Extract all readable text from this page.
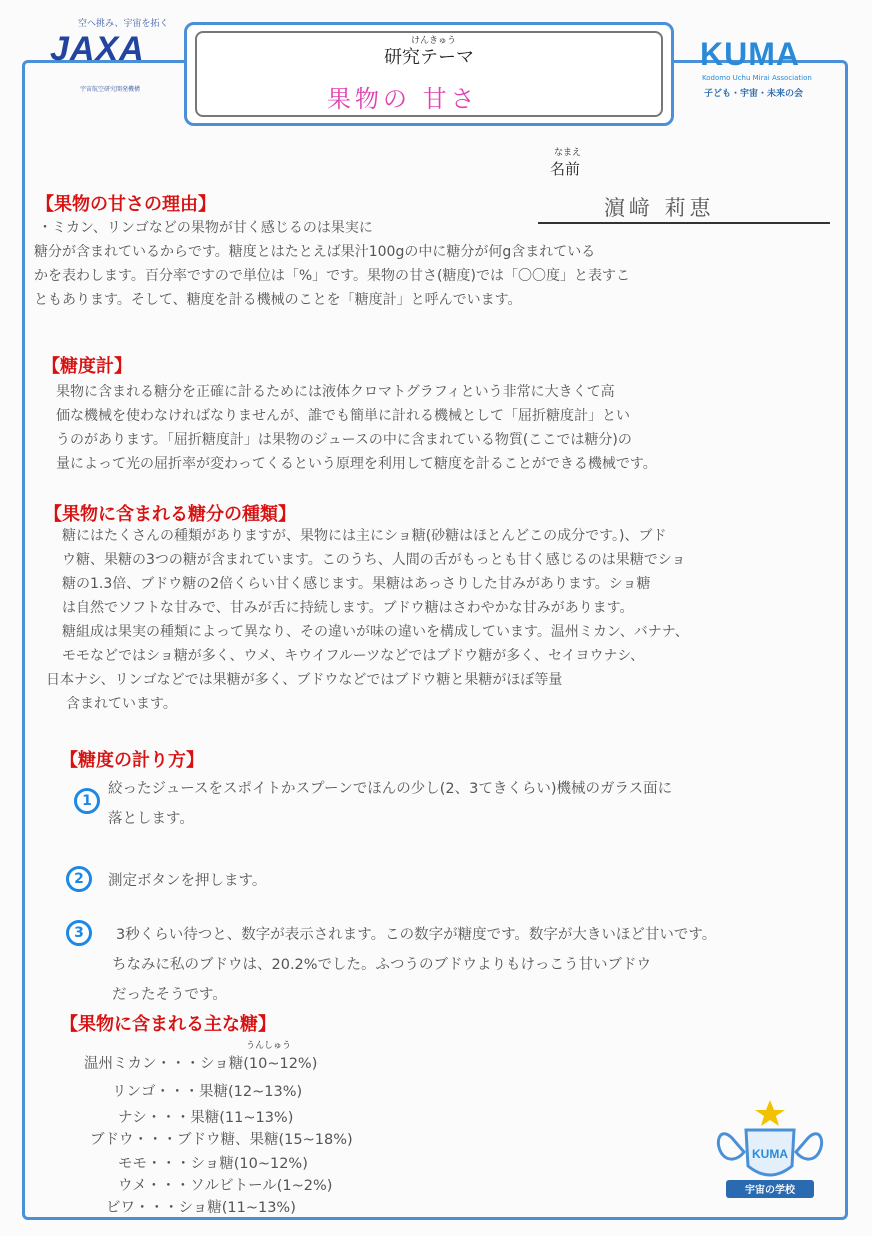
空へ挑み、宇宙を拓く
JAXA
宇宙航空研究開発機構
けんきゅう
研究テーマ
果物の 甘さ
KUMA
Kodomo Uchu Mirai Association
子ども・宇宙・未来の会
なまえ
名前
濵﨑 莉恵
【果物の甘さの理由】
・ミカン、リンゴなどの果物が甘く感じるのは果実に
糖分が含まれているからです。糖度とはたとえば果汁100gの中に糖分が何g含まれている
かを表わします。百分率ですので単位は「%」です。果物の甘さ(糖度)では「〇〇度」と表すこ
ともあります。そして、糖度を計る機械のことを「糖度計」と呼んでいます。
【糖度計】
果物に含まれる糖分を正確に計るためには液体クロマトグラフィという非常に大きくて高
価な機械を使わなければなりませんが、誰でも簡単に計れる機械として「屈折糖度計」とい
うのがあります。「屈折糖度計」は果物のジュースの中に含まれている物質(ここでは糖分)の
量によって光の屈折率が変わってくるという原理を利用して糖度を計ることができる機械です。
【果物に含まれる糖分の種類】
糖にはたくさんの種類がありますが、果物には主にショ糖(砂糖はほとんどこの成分です。)、ブド
ウ糖、果糖の3つの糖が含まれています。このうち、人間の舌がもっとも甘く感じるのは果糖でショ
糖の1.3倍、ブドウ糖の2倍くらい甘く感じます。果糖はあっさりした甘みがあります。ショ糖
は自然でソフトな甘みで、甘みが舌に持続します。ブドウ糖はさわやかな甘みがあります。
糖組成は果実の種類によって異なり、その違いが味の違いを構成しています。温州ミカン、バナナ、
モモなどではショ糖が多く、ウメ、キウイフルーツなどではブドウ糖が多く、セイヨウナシ、
日本ナシ、リンゴなどでは果糖が多く、ブドウなどではブドウ糖と果糖がほぼ等量
含まれています。
【糖度の計り方】
1
絞ったジュースをスポイトかスプーンでほんの少し(2、3てきくらい)機械のガラス面に
落とします。
2	測定ボタンを押します。
3	3秒くらい待つと、数字が表示されます。この数字が糖度です。数字が大きいほど甘いです。
ちなみに私のブドウは、20.2%でした。ふつうのブドウよりもけっこう甘いブドウ
だったそうです。
【果物に含まれる主な糖】
うんしゅう
温州ミカン・・・ショ糖(10~12%)
リンゴ・・・果糖(12~13%)
ナシ・・・果糖(11~13%)
ブドウ・・・ブドウ糖、果糖(15~18%)
モモ・・・ショ糖(10~12%)
ウメ・・・ソルビトール(1~2%)
ビワ・・・ショ糖(11~13%)
KUMA
宇宙の学校
